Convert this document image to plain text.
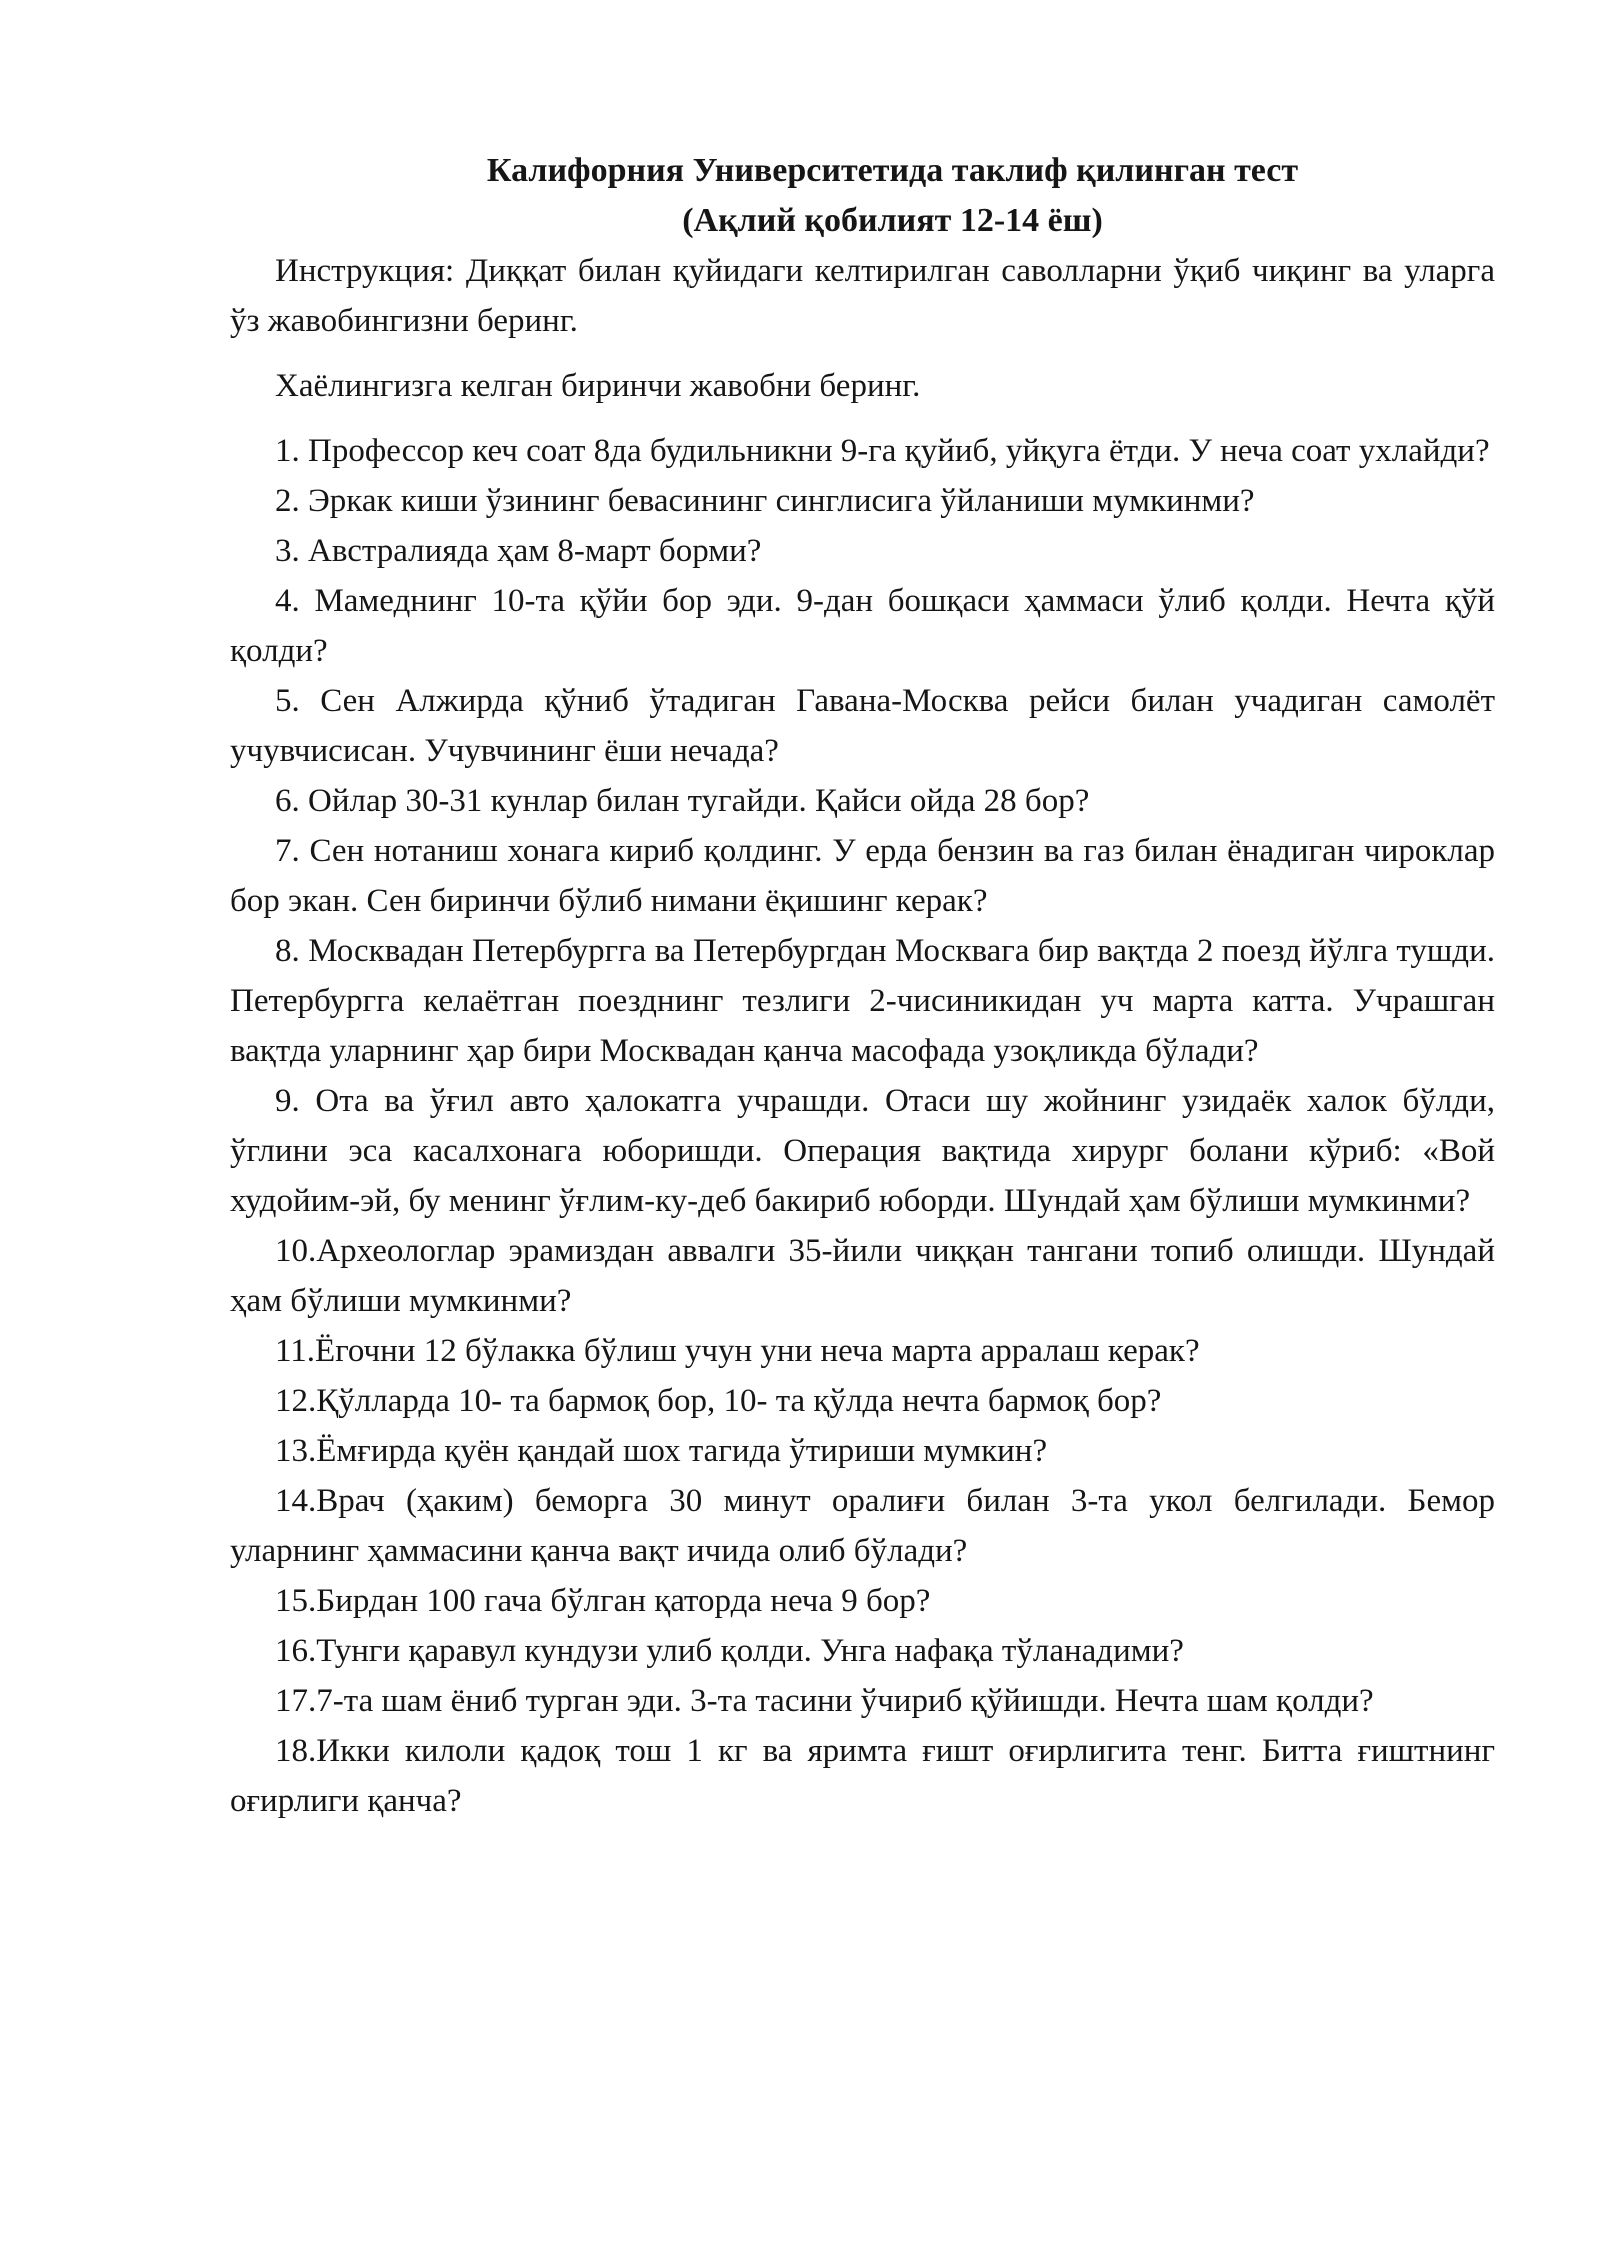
Калифорния Университетида таклиф қилинган тест

(Ақлий қобилият 12-14 ёш)

Инструкция: Диққат билан қуйидаги келтирилган саволларни ўқиб чиқинг ва уларга ўз жавобингизни беринг.

Хаёлингизга келган биринчи жавобни беринг.

1. Профессор кеч соат 8да будильникни 9-га қуйиб, уйқуга ётди. У неча соат ухлайди?

2. Эркак киши ўзининг бевасининг синглисига ўйланиши мумкинми?

3. Австралияда ҳам 8-март борми?

4. Мамеднинг 10-та қўйи бор эди. 9-дан бошқаси ҳаммаси ўлиб қолди. Нечта қўй қолди?

5. Сен Алжирда қўниб ўтадиган Гавана-Москва рейси билан учадиган самолёт учувчисисан. Учувчининг ёши нечада?

6. Ойлар 30-31 кунлар билан тугайди. Қайси ойда 28 бор?

7. Сен нотаниш хонага кириб қолдинг. У ерда бензин ва газ билан ёнадиган чироклар бор экан. Сен биринчи бўлиб нимани ёқишинг керак?

8. Москвадан Петербургга ва Петербургдан Москвага бир вақтда 2 поезд йўлга тушди. Петербургга келаётган поезднинг тезлиги 2-чисиникидан уч марта катта. Учрашган вақтда уларнинг ҳар бири Москвадан қанча масофада узоқликда бўлади?

9. Ота ва ўғил авто ҳалокатга учрашди. Отаси шу жойнинг узидаёк халок бўлди, ўглини эса касалхонага юборишди. Операция вақтида хирург болани кўриб: «Вой худойим-эй, бу менинг ўғлим-ку-деб бакириб юборди. Шундай ҳам бўлиши мумкинми?

10.Археологлар эрамиздан аввалги 35-йили чиққан тангани топиб олишди. Шундай ҳам бўлиши мумкинми?

11.Ёгочни 12 бўлакка бўлиш учун уни неча марта арралаш керак?

12.Қўлларда 10- та бармоқ бор, 10- та қўлда нечта бармоқ бор?

13.Ёмғирда қуён қандай шох тагида ўтириши мумкин?

14.Врач (ҳаким) беморга 30 минут оралиғи билан 3-та укол белгилади. Бемор уларнинг ҳаммасини қанча вақт ичида олиб бўлади?

15.Бирдан 100 гача бўлган қаторда неча 9 бор?

16.Тунги қаравул кундузи улиб қолди. Унга нафақа тўланадими?

17.7-та шам ёниб турган эди. 3-та тасини ўчириб қўйишди. Нечта шам қолди?

18.Икки килоли қадоқ тош 1 кг ва яримта ғишт оғирлигита тенг. Битта ғиштнинг оғирлиги қанча?
